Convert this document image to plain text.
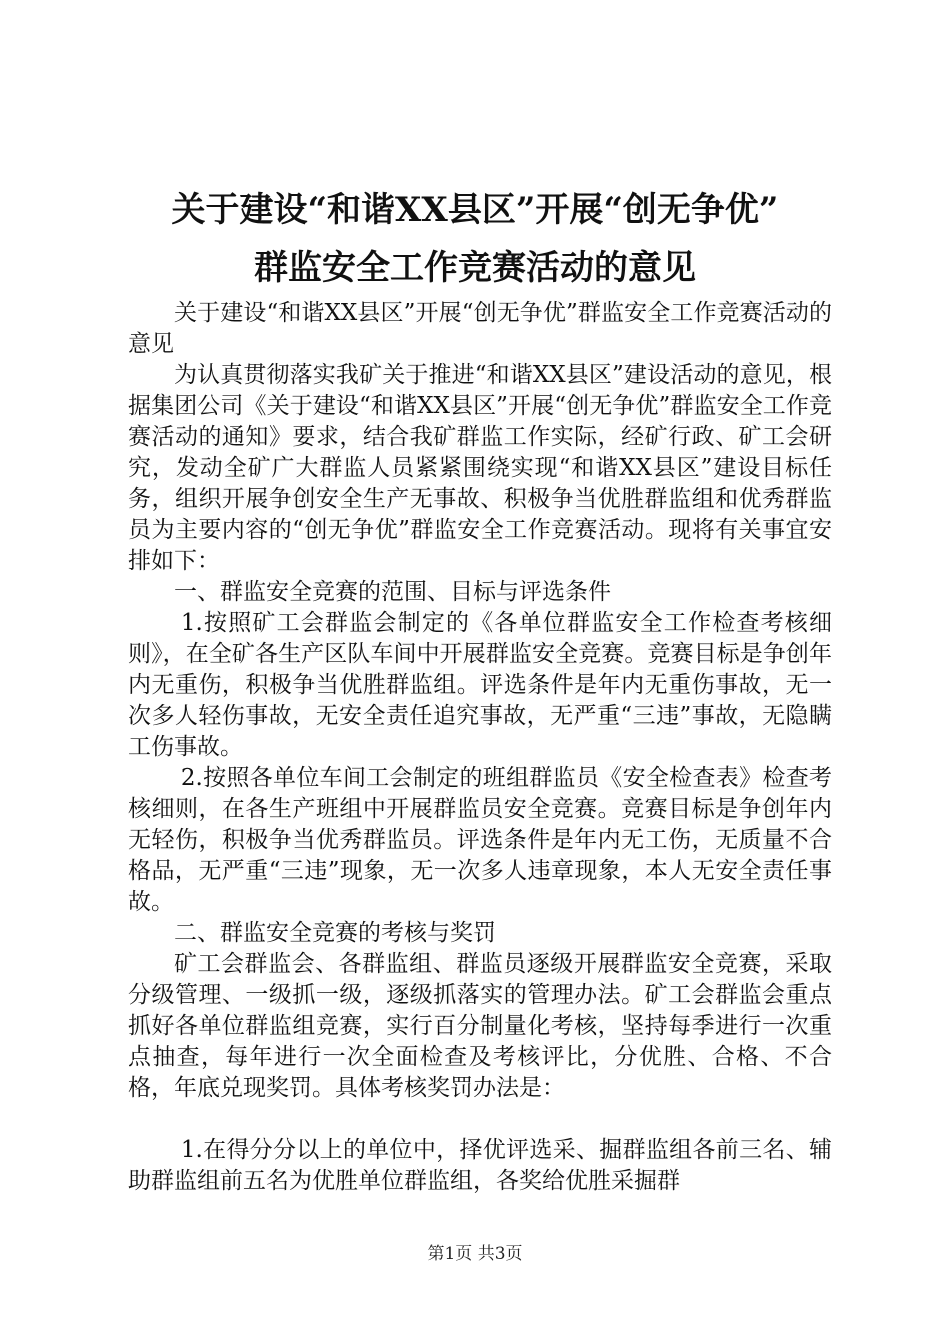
关于建设“和谐XX县区”开展“创无争优”
群监安全工作竞赛活动的意见

关于建设“和谐XX县区”开展“创无争优”群监安全工作竞赛活动的意见

为认真贯彻落实我矿关于推进“和谐XX县区”建设活动的意见，根据集团公司《关于建设“和谐XX县区”开展“创无争优”群监安全工作竞赛活动的通知》要求，结合我矿群监工作实际，经矿行政、矿工会研究，发动全矿广大群监人员紧紧围绕实现“和谐XX县区”建设目标任务，组织开展争创安全生产无事故、积极争当优胜群监组和优秀群监员为主要内容的“创无争优”群监安全工作竞赛活动。现将有关事宜安排如下：

一、群监安全竞赛的范围、目标与评选条件

1.按照矿工会群监会制定的《各单位群监安全工作检查考核细则》，在全矿各生产区队车间中开展群监安全竞赛。竞赛目标是争创年内无重伤，积极争当优胜群监组。评选条件是年内无重伤事故，无一次多人轻伤事故，无安全责任追究事故，无严重“三违”事故，无隐瞒工伤事故。

2.按照各单位车间工会制定的班组群监员《安全检查表》检查考核细则，在各生产班组中开展群监员安全竞赛。竞赛目标是争创年内无轻伤，积极争当优秀群监员。评选条件是年内无工伤，无质量不合格品，无严重“三违”现象，无一次多人违章现象，本人无安全责任事故。

二、群监安全竞赛的考核与奖罚

矿工会群监会、各群监组、群监员逐级开展群监安全竞赛，采取分级管理、一级抓一级，逐级抓落实的管理办法。矿工会群监会重点抓好各单位群监组竞赛，实行百分制量化考核，坚持每季进行一次重点抽查，每年进行一次全面检查及考核评比，分优胜、合格、不合格，年底兑现奖罚。具体考核奖罚办法是：

1.在得分分以上的单位中，择优评选采、掘群监组各前三名、辅助群监组前五名为优胜单位群监组，各奖给优胜采掘群

第1页 共3页
